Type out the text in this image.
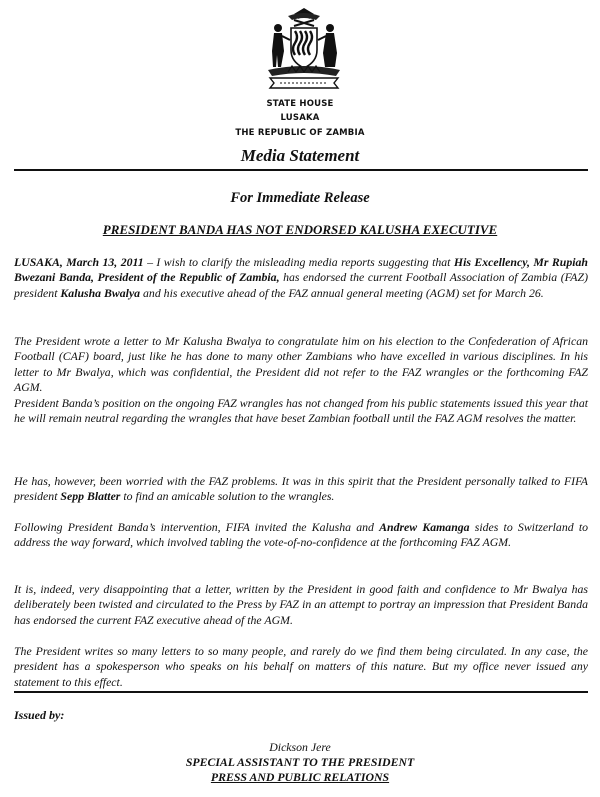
STATE HOUSE
LUSAKA
THE REPUBLIC OF ZAMBIA
Media Statement
For Immediate Release
PRESIDENT BANDA HAS NOT ENDORSED KALUSHA EXECUTIVE

LUSAKA, March 13, 2011 – I wish to clarify the misleading media reports suggesting that His Excellency, Mr Rupiah Bwezani Banda, President of the Republic of Zambia, has endorsed the current Football Association of Zambia (FAZ) president Kalusha Bwalya and his executive ahead of the FAZ annual general meeting (AGM) set for March 26.

The President wrote a letter to Mr Kalusha Bwalya to congratulate him on his election to the Confederation of African Football (CAF) board, just like he has done to many other Zambians who have excelled in various disciplines. In his letter to Mr Bwalya, which was confidential, the President did not refer to the FAZ wrangles or the forthcoming FAZ AGM.

President Banda’s position on the ongoing FAZ wrangles has not changed from his public statements issued this year that he will remain neutral regarding the wrangles that have beset Zambian football until the FAZ AGM resolves the matter.

He has, however, been worried with the FAZ problems. It was in this spirit that the President personally talked to FIFA president Sepp Blatter to find an amicable solution to the wrangles.

Following President Banda’s intervention, FIFA invited the Kalusha and Andrew Kamanga sides to Switzerland to address the way forward, which involved tabling the vote-of-no-confidence at the forthcoming FAZ AGM.

It is, indeed, very disappointing that a letter, written by the President in good faith and confidence to Mr Bwalya has deliberately been twisted and circulated to the Press by FAZ in an attempt to portray an impression that President Banda has endorsed the current FAZ executive ahead of the AGM.

The President writes so many letters to so many people, and rarely do we find them being circulated. In any case, the president has a spokesperson who speaks on his behalf on matters of this nature. But my office never issued any statement to this effect.

Issued by:

Dickson Jere

SPECIAL ASSISTANT TO THE PRESIDENT

PRESS AND PUBLIC RELATIONS
